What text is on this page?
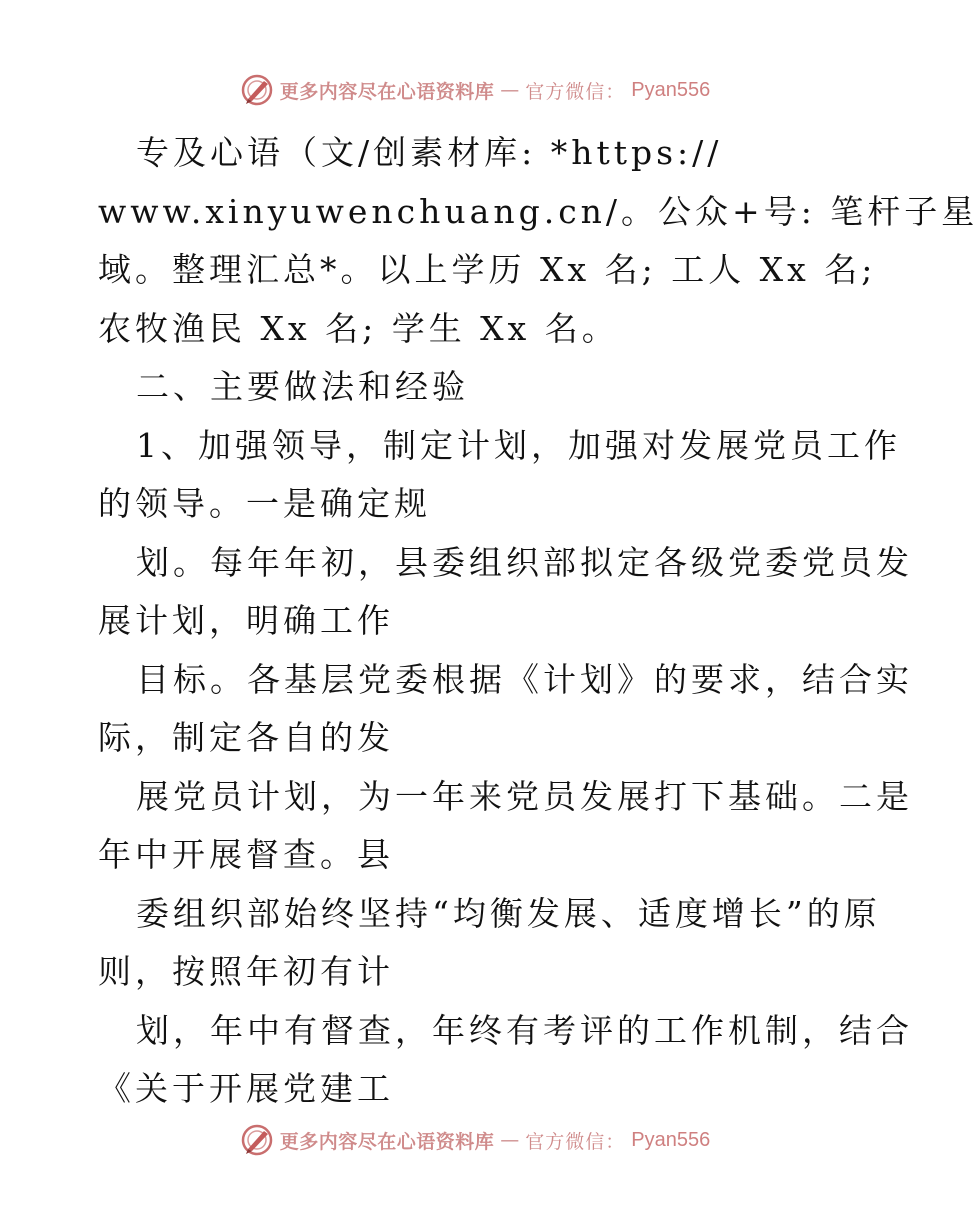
更多内容尽在心语资料库 — 官方微信： Pyan556
专及心语（文/创素材库: *https://
www.xinyuwenchuang.cn/。公众+号: 笔杆子星
域。整理汇总*。以上学历 Xx 名; 工人 Xx 名;
农牧渔民 Xx 名; 学生 Xx 名。
二、主要做法和经验
1、加强领导，制定计划，加强对发展党员工作
的领导。一是确定规
划。每年年初，县委组织部拟定各级党委党员发
展计划，明确工作
目标。各基层党委根据《计划》的要求，结合实
际，制定各自的发
展党员计划，为一年来党员发展打下基础。二是
年中开展督查。县
委组织部始终坚持“均衡发展、适度增长”的原
则，按照年初有计
划，年中有督查，年终有考评的工作机制，结合
《关于开展党建工
更多内容尽在心语资料库 — 官方微信： Pyan556
